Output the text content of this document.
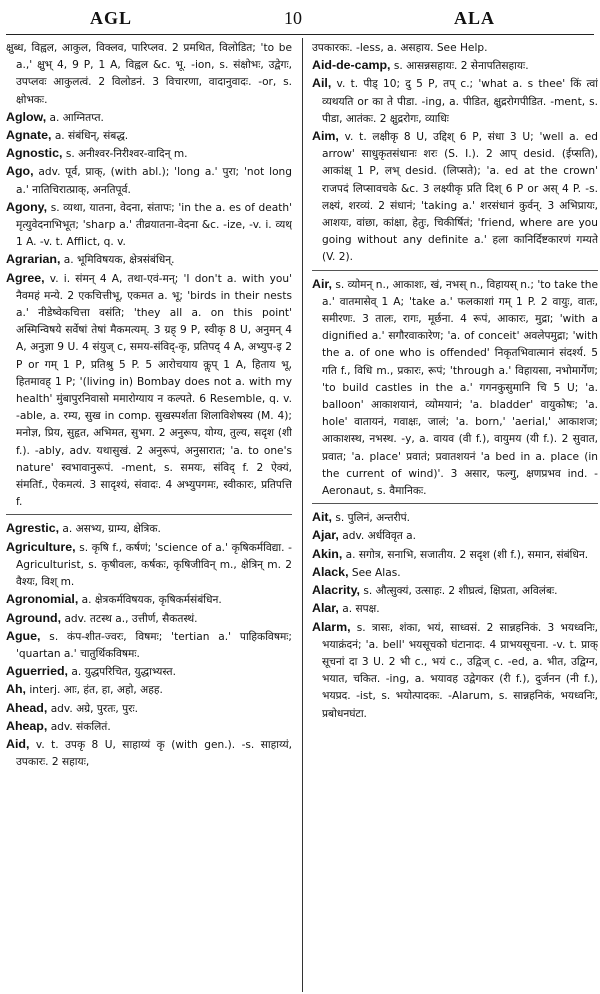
AGL	10	ALA

क्षुब्ध, विह्वल, आकुल, विक्लव, पारिप्लव. 2 प्रमथित, विलोडित; 'to be a.,' क्षुभ् 4, 9 P, 1 A, विह्वल &c. भू. -ion, s. संक्षोभः, उद्वेगः, उपप्लवः आकुलत्वं. 2 विलोडनं. 3 विचारणा, वादानुवादः. -or, s. क्षोभकः.

Aglow, a. आग्नितप्त.

Agnate, a. संबंधिन्, संबद्ध.

Agnostic, s. अनीश्वर-निरीश्वर-वादिन् m.

Ago, adv. पूर्व, प्राक्, (with abl.); 'long a.' पुरा; 'not long a.' नातिचिरात्प्राक्, अनतिपूर्व.

Agony, s. व्यथा, यातना, वेदना, संतापः; 'in the a. es of death' मृत्युवेदनाभिभूत; 'sharp a.' तीव्रयातना-वेदना &c. -ize, -v. i. व्यथ् 1 A. -v. t. Afflict, q. v.

Agrarian, a. भूमिविषयक, क्षेत्रसंबंधिन्.

Agree, v. i. संमन् 4 A, तथा-एवं-मन्; 'I don't a. with you' नैवमहं मन्ये. 2 एकचित्तीभू, एकमत a. भू; 'birds in their nests a.' नीडेष्वेकचित्ता वसंति; 'they all a. on this point' अस्मिन्विषये सर्वेषां तेषां मैकमत्यम्. 3 ग्रह् 9 P, स्वीकृ 8 U, अनुमन् 4 A, अनुज्ञा 9 U. 4 संयुज् c, समय-संविद्-कृ, प्रतिपद् 4 A, अभ्युप-इ 2 P or गम् 1 P, प्रतिश्रु 5 P. 5 आरोचयाय कॢप् 1 A, हिताय भू, हितमावह् 1 P; '(living in) Bombay does not a. with my health' मुंबापुरनिवासो ममारोग्याय न कल्पते. 6 Resemble, q. v. -able, a. रम्य, सुख in comp. सुखस्पर्शता शिलाविशेषस्य (M. 4); मनोज्ञ, प्रिय, सुहृत, अभिमत, सुभग. 2 अनुरूप, योग्य, तुल्य, सदृश (शी f.). -ably, adv. यथासुखं. 2 अनुरूपं, अनुसारात; 'a. to one's nature' स्वभावानुरूपं. -ment, s. समयः, संविद् f. 2 ऐक्यं, संमतिf., ऐकमत्यं. 3 सादृश्यं, संवादः. 4 अभ्युपगमः, स्वीकारः, प्रतिपत्ति f.

Agrestic, a. असभ्य, ग्राम्य, क्षेत्रिक.

Agriculture, s. कृषि f., कर्षणं; 'science of a.' कृषिकर्मविद्या. -Agriculturist, s. कृषीवलः, कर्षकः, कृषिजीविन् m., क्षेत्रिन् m. 2 वैश्यः, विश् m.

Agronomial, a. क्षेत्रकर्मविषयक, कृषिकर्मसंबंधिन.

Aground, adv. तटस्थ a., उत्तीर्ण, सैकतस्थं.

Ague, s. कंप-शीत-ज्वरः, विषमः; 'tertian a.' पाहिकविषमः; 'quartan a.' चातुर्थिकविषमः.

Aguerried, a. युद्धपरिचित, युद्धाभ्यस्त.

Ah, interj. आः, हंत, हा, अहो, अहह.

Ahead, adv. अग्रे, पुरतः, पुरः.

Aheap, adv. संकलितं.

Aid, v. t. उपकृ 8 U, साहाय्यं कृ (with gen.). -s. साहाय्यं, उपकारः. 2 सहायः,

उपकारकः. -less, a. असहाय. See Help.

Aid-de-camp, s. आसन्नसहायः. 2 सेनापतिसहायः.

Ail, v. t. पीड् 10; दु 5 P, तप् c.; 'what a. s thee' किं त्वां व्यथयति or का ते पीडा. -ing, a. पीडित, क्षुद्ररोगपीडित. -ment, s. पीडा, आतंकः. 2 क्षुद्ररोगः, व्याधिः

Aim, v. t. लक्षीकृ 8 U, उद्दिश् 6 P, संधा 3 U; 'well a. ed arrow' साधुकृतसंधानः शरः (S. I.). 2 आप् desid. (ईप्सति), आकांक्ष् 1 P, लभ् desid. (लिप्सते); 'a. ed at the crown' राजपदं लिप्सावचके &c. 3 लक्ष्यीकृ प्रति दिश् 6 P or अस् 4 P. -s. लक्ष्यं, शरव्यं. 2 संधानं; 'taking a.' शरसंधानं कुर्वन्. 3 अभिप्रायः, आशयः, वांछा, कांक्षा, हेतुः, चिकीर्षितं; 'friend, where are you going without any definite a.' हला कानिर्दिष्टकारणं गम्यते (V. 2).

Air, s. व्योमन् n., आकाशः, खं, नभस् n., विहायस् n.; 'to take the a.' वातमासेव् 1 A; 'take a.' फलकाशां गम् 1 P. 2 वायुः, वातः, समीरणः. 3 तालः, रागः, मूर्छना. 4 रूपं, आकारः, मुद्रा; 'with a dignified a.' सगौरवाकारेण; 'a. of conceit' अवलेपमुद्रा; 'with the a. of one who is offended' निकृतभिवात्मानं संदर्श्य. 5 गति f., विधि m., प्रकारः, रूपं; 'through a.' विहायसा, नभोमार्गेण; 'to build castles in the a.' गगनकुसुमानि चि 5 U; 'a. balloon' आकाशयानं, व्योमयानं; 'a. bladder' वायुकोषः; 'a. hole' वातायनं, गवाक्षः, जालं; 'a. born,' 'aerial,' आकाशज; आकाशस्थ, नभस्थ. -y, a. वायव (वी f.), वायुमय (यी f.). 2 सुवात, प्रवात; 'a. place' प्रवातं; प्रवातशयनं 'a bed in a. place (in the current of wind)'. 3 असार, फल्गु, क्षणप्रभव ind. -Aeronaut, s. वैमानिकः.

Ait, s. पुलिनं, अन्तरीपं.

Ajar, adv. अर्धविवृत a.

Akin, a. सगोत्र, सनाभि, सजातीय. 2 सदृश (शी f.), समान, संबंधिन.

Alack, See Alas.

Alacrity, s. औत्सुक्यं, उत्साहः. 2 शीघ्रत्वं, क्षिप्रता, अविलंबः.

Alar, a. सपक्ष.

Alarm, s. त्रासः, शंका, भयं, साध्वसं. 2 सान्नहनिकं. 3 भयध्वनिः, भयाक्रंदनं; 'a. bell' भयसूचको घंटानादः. 4 प्राभयसूचना. -v. t. प्राक् सूचनां दा 3 U. 2 भी c., भयं c., उद्विज् c. -ed, a. भीत, उद्विग्न, भयात, चकित. -ing, a. भयावह उद्वेगकर (री f.), दुर्जनन (नी f.), भयप्रद. -ist, s. भयोत्पादकः. -Alarum, s. सान्नहनिकं, भयध्वनिः, प्रबोधनघंटा.
